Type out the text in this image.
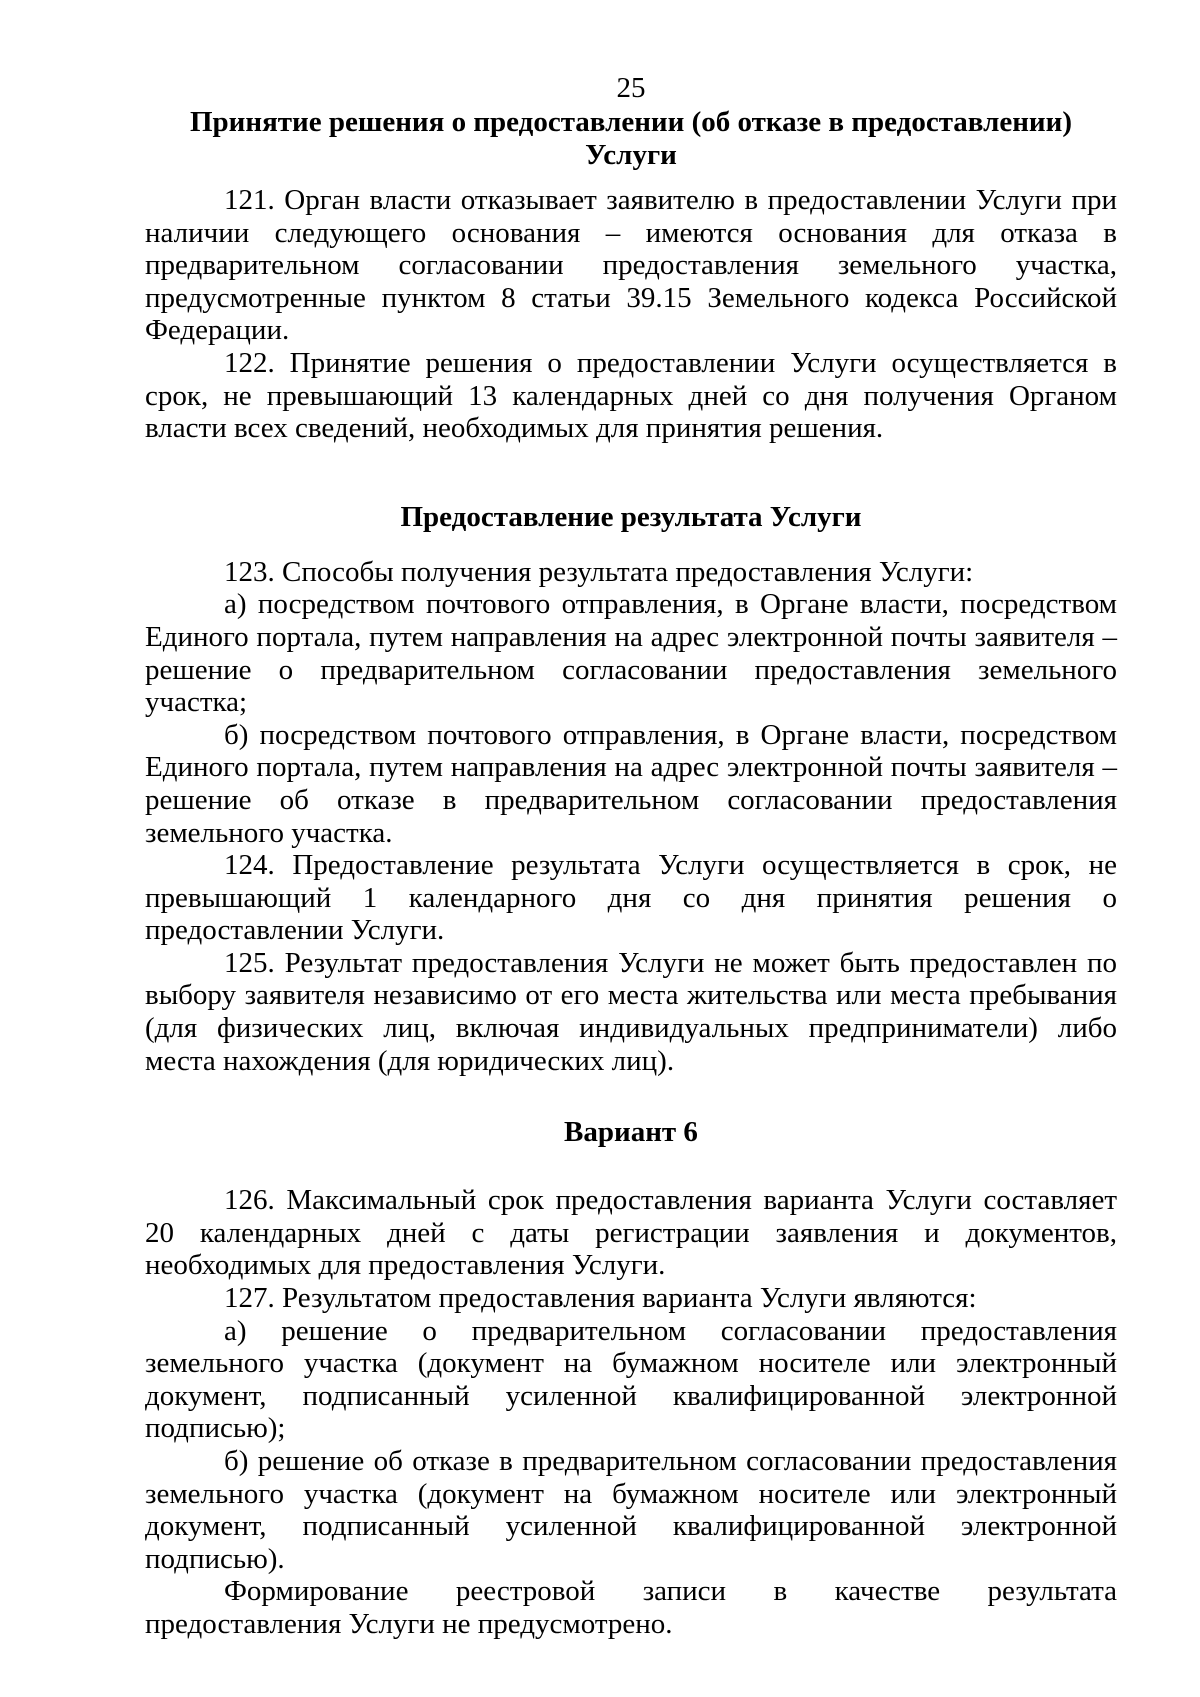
25
Принятие решения о предоставлении (об отказе в предоставлении)
Услуги

121. Орган власти отказывает заявителю в предоставлении Услуги при наличии следующего основания – имеются основания для отказа в предварительном согласовании предоставления земельного участка, предусмотренные пунктом 8 статьи 39.15 Земельного кодекса Российской Федерации.

122. Принятие решения о предоставлении Услуги осуществляется в срок, не превышающий 13 календарных дней со дня получения Органом власти всех сведений, необходимых для принятия решения.

Предоставление результата Услуги

123. Способы получения результата предоставления Услуги:

а) посредством почтового отправления, в Органе власти, посредством Единого портала, путем направления на адрес электронной почты заявителя – решение о предварительном согласовании предоставления земельного участка;

б) посредством почтового отправления, в Органе власти, посредством Единого портала, путем направления на адрес электронной почты заявителя – решение об отказе в предварительном согласовании предоставления земельного участка.

124. Предоставление результата Услуги осуществляется в срок, не превышающий 1 календарного дня со дня принятия решения о предоставлении Услуги.

125. Результат предоставления Услуги не может быть предоставлен по выбору заявителя независимо от его места жительства или места пребывания (для физических лиц, включая индивидуальных предприниматели) либо места нахождения (для юридических лиц).

Вариант 6

126. Максимальный срок предоставления варианта Услуги составляет 20 календарных дней с даты регистрации заявления и документов, необходимых для предоставления Услуги.

127. Результатом предоставления варианта Услуги являются:

а) решение о предварительном согласовании предоставления земельного участка (документ на бумажном носителе или электронный документ, подписанный усиленной квалифицированной электронной подписью);

б) решение об отказе в предварительном согласовании предоставления земельного участка (документ на бумажном носителе или электронный документ, подписанный усиленной квалифицированной электронной подписью).

Формирование реестровой записи в качестве результата предоставления Услуги не предусмотрено.
